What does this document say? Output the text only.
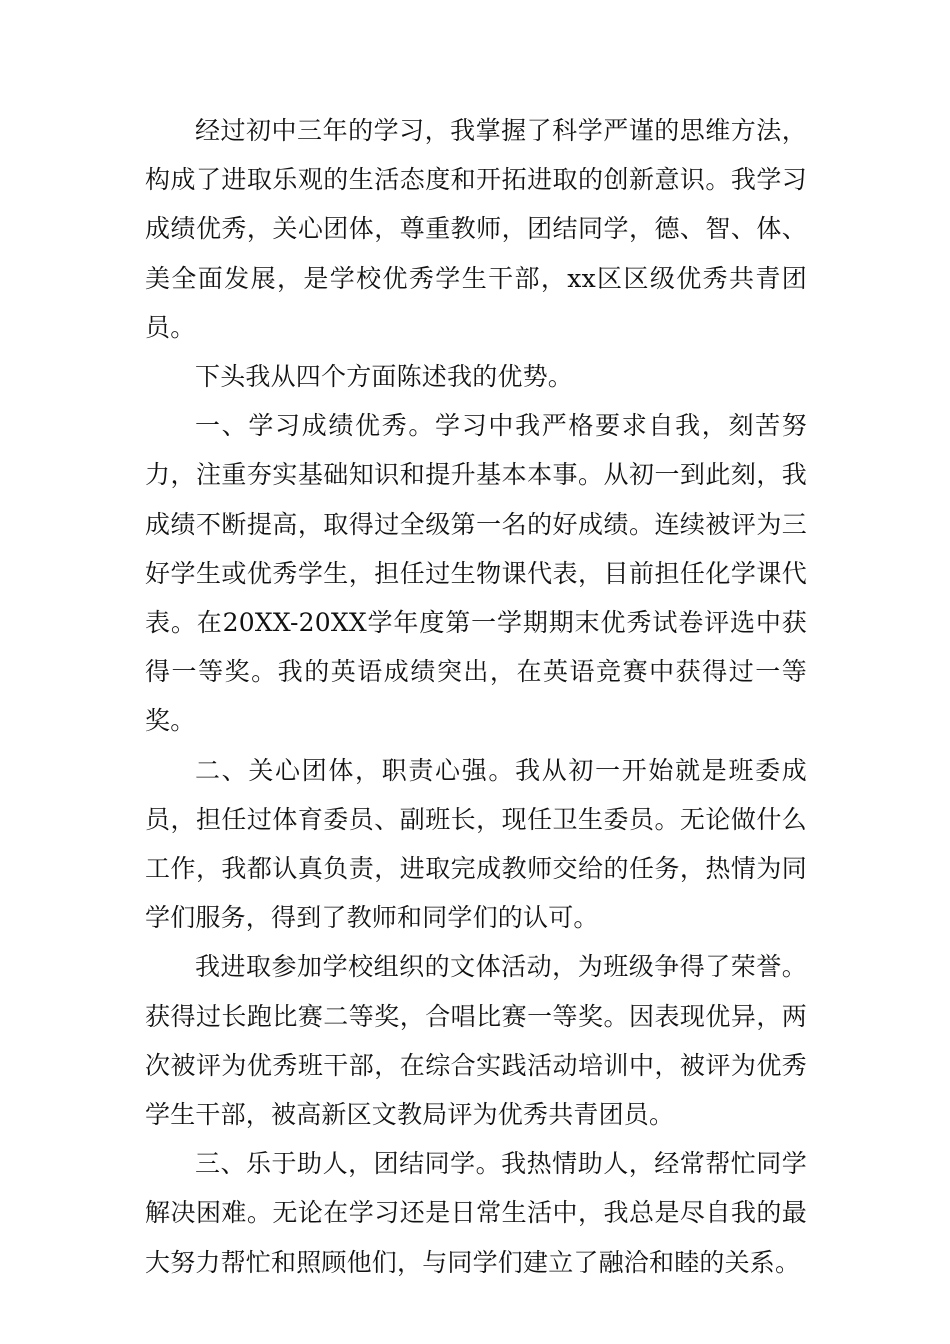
经过初中三年的学习，我掌握了科学严谨的思维方法，构成了进取乐观的生活态度和开拓进取的创新意识。我学习成绩优秀，关心团体，尊重教师，团结同学，德、智、体、美全面发展，是学校优秀学生干部，xx区区级优秀共青团员。

下头我从四个方面陈述我的优势。

一、学习成绩优秀。学习中我严格要求自我，刻苦努力，注重夯实基础知识和提升基本本事。从初一到此刻，我成绩不断提高，取得过全级第一名的好成绩。连续被评为三好学生或优秀学生，担任过生物课代表，目前担任化学课代表。在20XX-20XX学年度第一学期期末优秀试卷评选中获得一等奖。我的英语成绩突出，在英语竞赛中获得过一等奖。

二、关心团体，职责心强。我从初一开始就是班委成员，担任过体育委员、副班长，现任卫生委员。无论做什么工作，我都认真负责，进取完成教师交给的任务，热情为同学们服务，得到了教师和同学们的认可。

我进取参加学校组织的文体活动，为班级争得了荣誉。获得过长跑比赛二等奖，合唱比赛一等奖。因表现优异，两次被评为优秀班干部，在综合实践活动培训中，被评为优秀学生干部，被高新区文教局评为优秀共青团员。

三、乐于助人，团结同学。我热情助人，经常帮忙同学解决困难。无论在学习还是日常生活中，我总是尽自我的最大努力帮忙和照顾他们，与同学们建立了融洽和睦的关系。
